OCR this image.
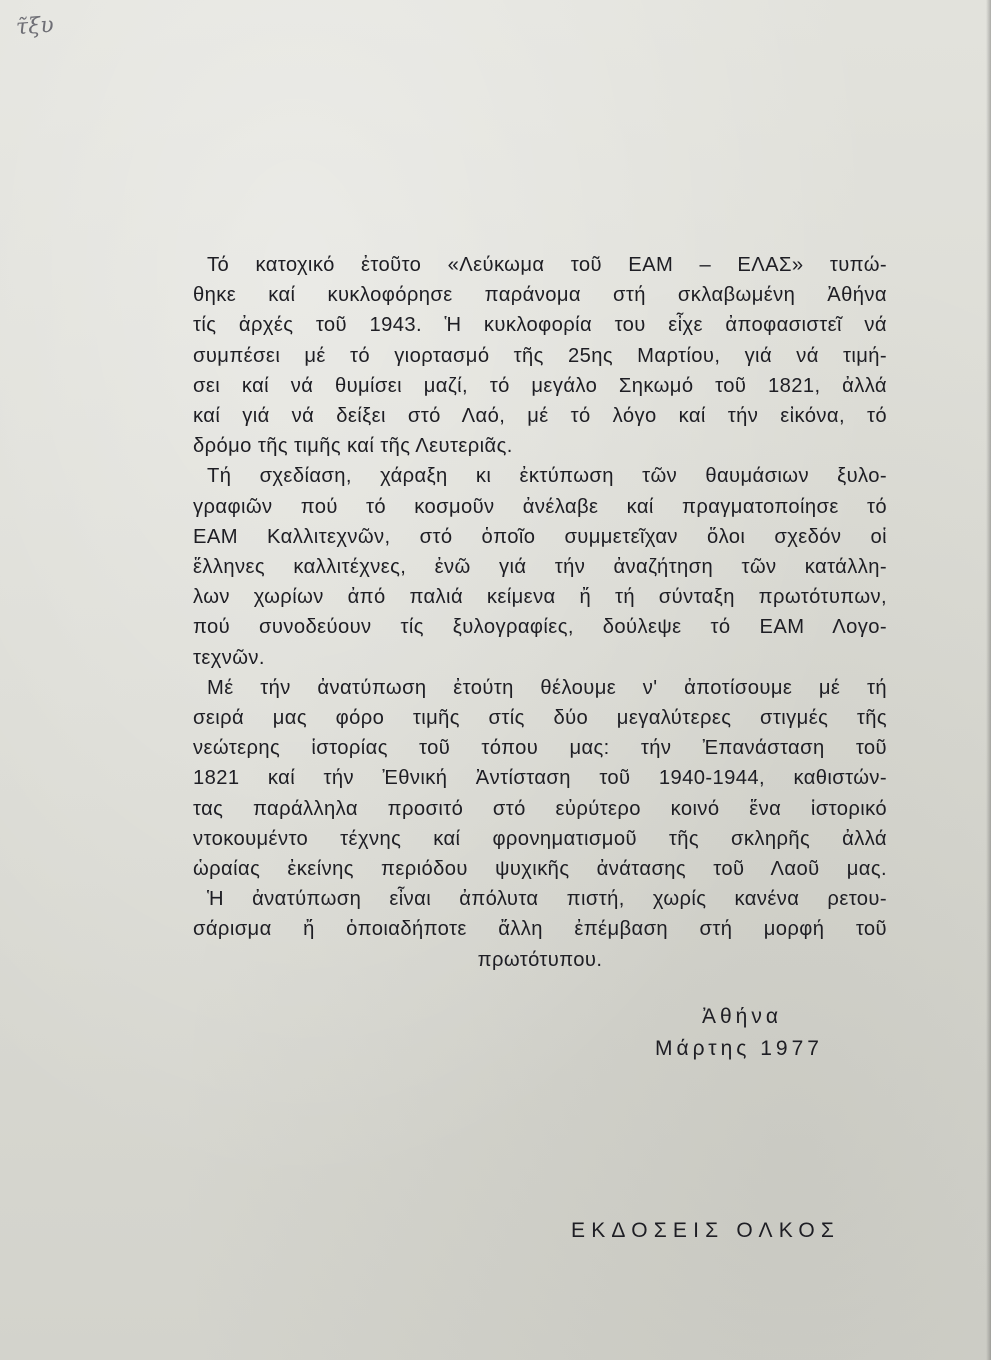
τ̃ξυ

Τό κατοχικό ἐτοῦτο «Λεύκωμα τοῦ ΕΑΜ – ΕΛΑΣ» τυπώ-
θηκε καί κυκλοφόρησε παράνομα στή σκλαβωμένη Ἀθήνα
τίς ἀρχές τοῦ 1943. Ἡ κυκλοφορία του εἶχε ἀποφασιστεῖ νά
συμπέσει μέ τό γιορτασμό τῆς 25ης Μαρτίου, γιά νά τιμή-
σει καί νά θυμίσει μαζί, τό μεγάλο Σηκωμό τοῦ 1821, ἀλλά
καί γιά νά δείξει στό Λαό, μέ τό λόγο καί τήν εἰκόνα, τό
δρόμο τῆς τιμῆς καί τῆς Λευτεριᾶς.

Τή σχεδίαση, χάραξη κι ἐκτύπωση τῶν θαυμάσιων ξυλο-
γραφιῶν πού τό κοσμοῦν ἀνέλαβε καί πραγματοποίησε τό
ΕΑΜ Καλλιτεχνῶν, στό ὁποῖο συμμετεῖχαν ὅλοι σχεδόν οἱ
ἕλληνες καλλιτέχνες, ἐνῶ γιά τήν ἀναζήτηση τῶν κατάλλη-
λων χωρίων ἀπό παλιά κείμενα ἤ τή σύνταξη πρωτότυπων,
πού συνοδεύουν τίς ξυλογραφίες, δούλεψε τό ΕΑΜ Λογο-
τεχνῶν.

Μέ τήν ἀνατύπωση ἐτούτη θέλουμε ν' ἀποτίσουμε μέ τή
σειρά μας φόρο τιμῆς στίς δύο μεγαλύτερες στιγμές τῆς
νεώτερης ἱστορίας τοῦ τόπου μας: τήν Ἐπανάσταση τοῦ
1821 καί τήν Ἐθνική Ἀντίσταση τοῦ 1940-1944, καθιστών-
τας παράλληλα προσιτό στό εὐρύτερο κοινό ἕνα ἱστορικό
ντοκουμέντο τέχνης καί φρονηματισμοῦ τῆς σκληρῆς ἀλλά
ὡραίας ἐκείνης περιόδου ψυχικῆς ἀνάτασης τοῦ Λαοῦ μας.

Ἡ ἀνατύπωση εἶναι ἀπόλυτα πιστή, χωρίς κανένα ρετου-
σάρισμα ἤ ὁποιαδήποτε ἄλλη ἐπέμβαση στή μορφή τοῦ
πρωτότυπου.

Ἀθήνα
Μάρτης 1977
ΕΚΔΟΣΕΙΣ ΟΛΚΟΣ
